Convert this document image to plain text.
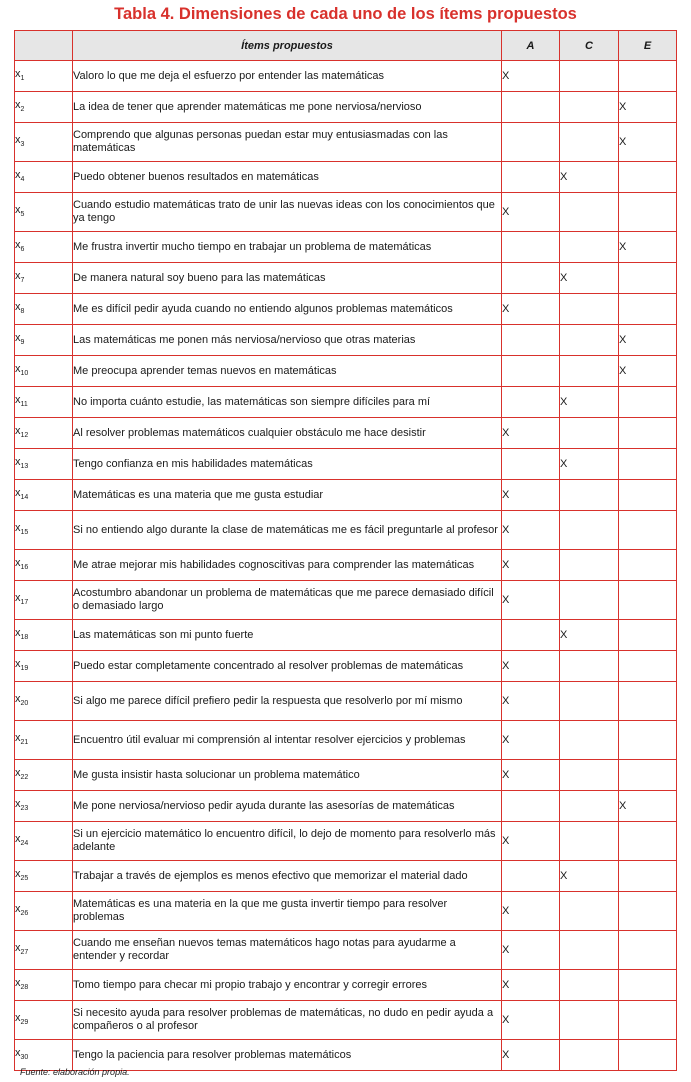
Tabla 4. Dimensiones de cada uno de los ítems propuestos
	Ítems propuestos	A	C	E
$x_1$	Valoro lo que me deja el esfuerzo por entender las matemáticas	X		
$x_2$	La idea de tener que aprender matemáticas me pone nerviosa/nervioso			X
$x_3$	Comprendo que algunas personas puedan estar muy entusiasmadas con las matemáticas			X
$x_4$	Puedo obtener buenos resultados en matemáticas		X	
$x_5$	Cuando estudio matemáticas trato de unir las nuevas ideas con los conocimientos que ya tengo	X		
$x_6$	Me frustra invertir mucho tiempo en trabajar un problema de matemáticas			X
$x_7$	De manera natural soy bueno para las matemáticas		X	
$x_8$	Me es difícil pedir ayuda cuando no entiendo algunos problemas matemáticos	X		
$x_9$	Las matemáticas me ponen más nerviosa/nervioso que otras materias			X
$x_{10}$	Me preocupa aprender temas nuevos en matemáticas			X
$x_{11}$	No importa cuánto estudie, las matemáticas son siempre difíciles para mí		X	
$x_{12}$	Al resolver problemas matemáticos cualquier obstáculo me hace desistir	X		
$x_{13}$	Tengo confianza en mis habilidades matemáticas		X	
$x_{14}$	Matemáticas es una materia que me gusta estudiar	X		
$x_{15}$	Si no entiendo algo durante la clase de matemáticas me es fácil preguntarle al profesor	X		
$x_{16}$	Me atrae mejorar mis habilidades cognoscitivas para comprender las matemáticas	X		
$x_{17}$	Acostumbro abandonar un problema de matemáticas que me parece demasiado difícil o demasiado largo	X		
$x_{18}$	Las matemáticas son mi punto fuerte		X	
$x_{19}$	Puedo estar completamente concentrado al resolver problemas de matemáticas	X		
$x_{20}$	Si algo me parece difícil prefiero pedir la respuesta que resolverlo por mí mismo	X		
$x_{21}$	Encuentro útil evaluar mi comprensión al intentar resolver ejercicios y problemas	X		
$x_{22}$	Me gusta insistir hasta solucionar un problema matemático	X		
$x_{23}$	Me pone nerviosa/nervioso pedir ayuda durante las asesorías de matemáticas			X
$x_{24}$	Si un ejercicio matemático lo encuentro difícil, lo dejo de momento para resolverlo más adelante	X		
$x_{25}$	Trabajar a través de ejemplos es menos efectivo que memorizar el material dado		X	
$x_{26}$	Matemáticas es una materia en la que me gusta invertir tiempo para resolver problemas	X		
$x_{27}$	Cuando me enseñan nuevos temas matemáticos hago notas para ayudarme a entender y recordar	X		
$x_{28}$	Tomo tiempo para checar mi propio trabajo y encontrar y corregir errores	X		
$x_{29}$	Si necesito ayuda para resolver problemas de matemáticas, no dudo en pedir ayuda a compañeros o al profesor	X		
$x_{30}$	Tengo la paciencia para resolver problemas matemáticos	X		
Fuente: elaboración propia.
